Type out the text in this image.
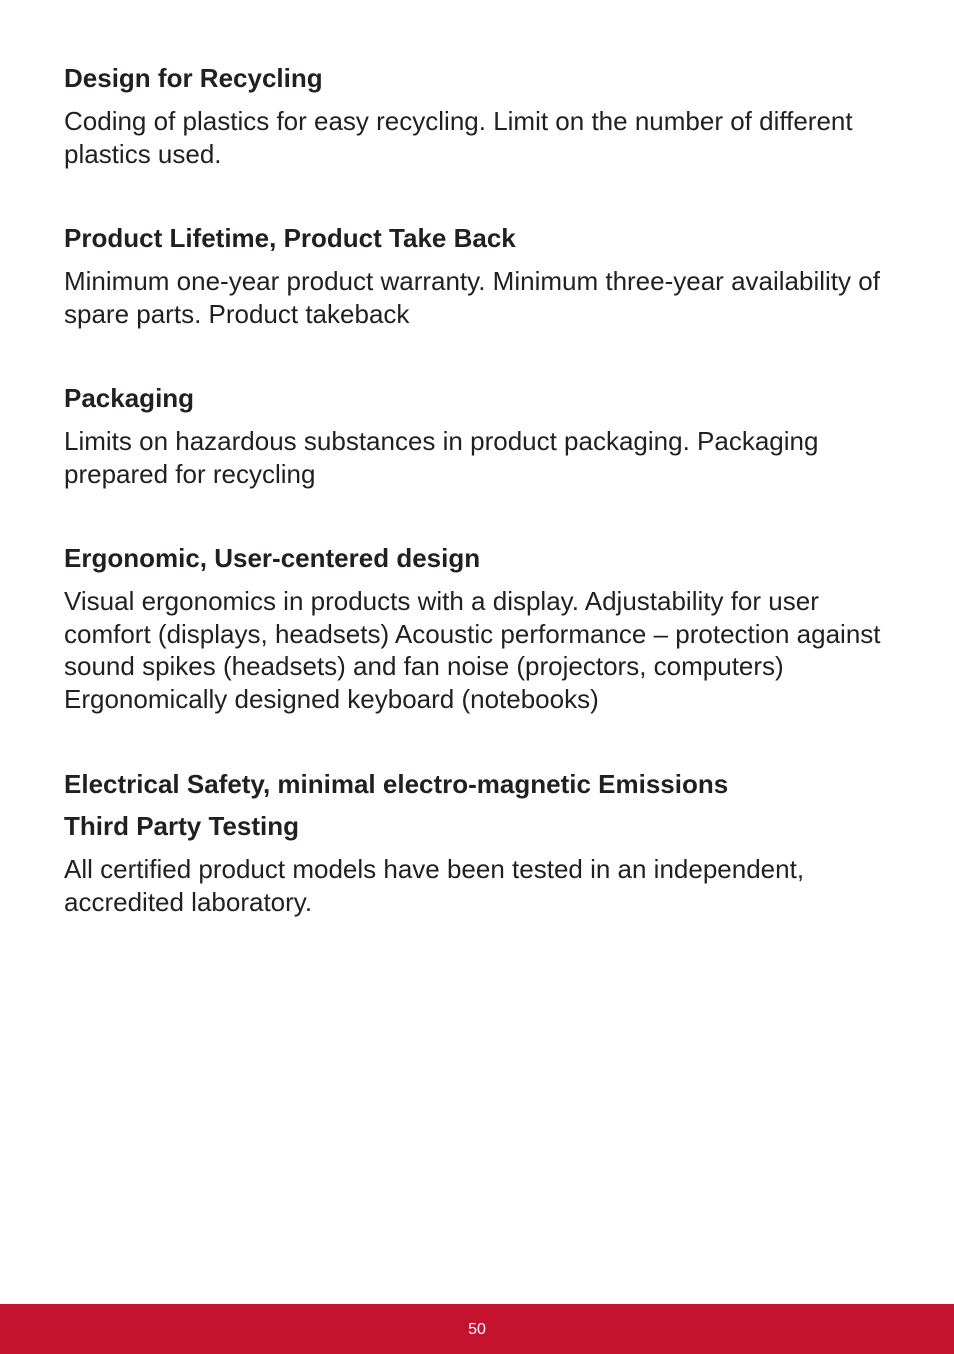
Design for Recycling

Coding of plastics for easy recycling. Limit on the number of different plastics used.

Product Lifetime, Product Take Back

Minimum one-year product warranty. Minimum three-year availability of spare parts. Product takeback

Packaging

Limits on hazardous substances in product packaging. Packaging prepared for recycling

Ergonomic, User-centered design

Visual ergonomics in products with a display. Adjustability for user comfort (displays, headsets) Acoustic performance – protection against sound spikes (headsets) and fan noise (projectors, computers) Ergonomically designed keyboard (notebooks)

Electrical Safety, minimal electro-magnetic Emissions
Third Party Testing

All certified product models have been tested in an independent, accredited laboratory.

50
